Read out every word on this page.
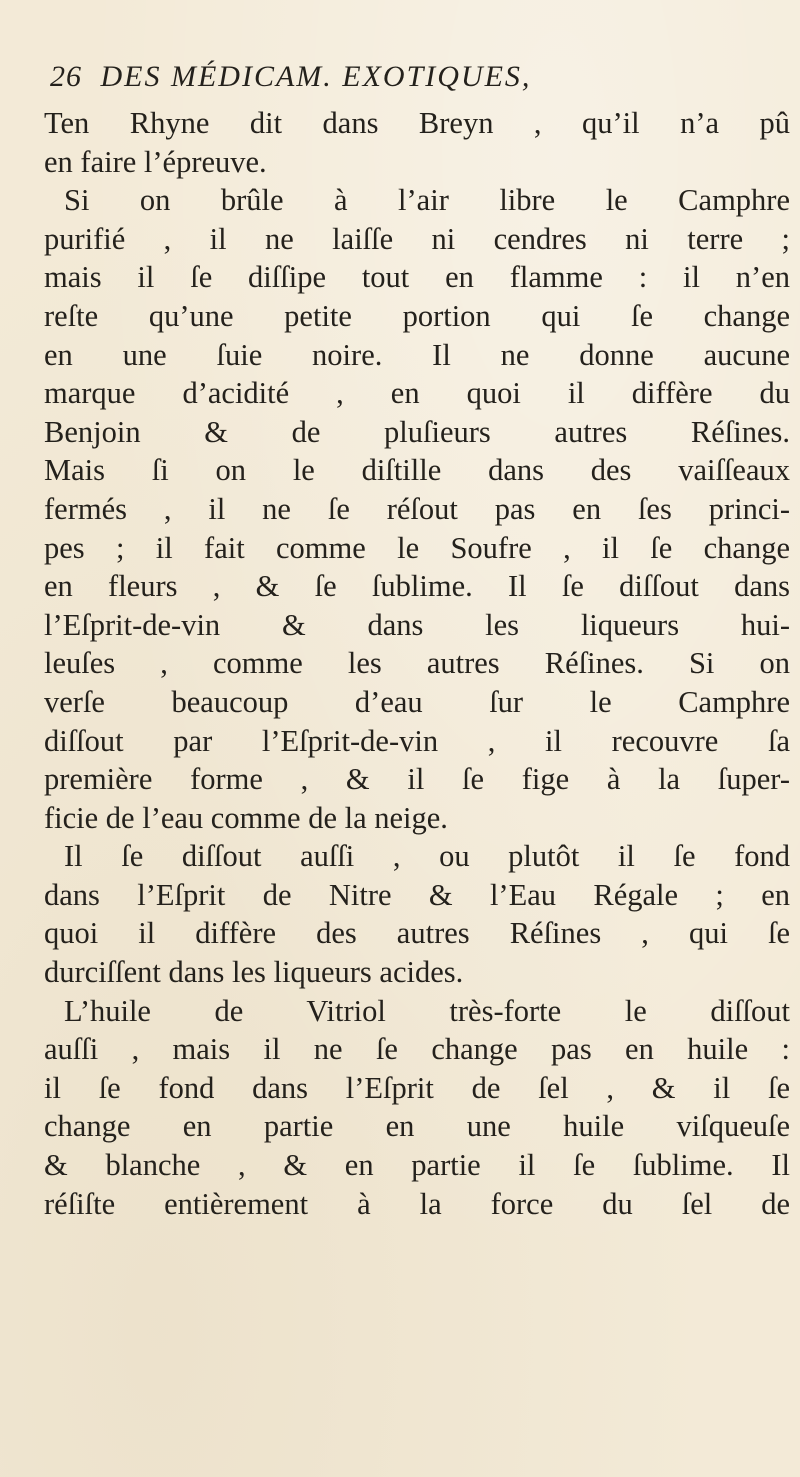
26 DES MÉDICAM. EXOTIQUES,
Ten Rhyne dit dans Breyn , qu’il n’a pû
en faire l’épreuve.
Si on brûle à l’air libre le Camphre
purifié , il ne laiſſe ni cendres ni terre ;
mais il ſe diſſipe tout en flamme : il n’en
reſte qu’une petite portion qui ſe change
en une ſuie noire. Il ne donne aucune
marque d’acidité , en quoi il diffère du
Benjoin & de pluſieurs autres Réſines.
Mais ſi on le diſtille dans des vaiſſeaux
fermés , il ne ſe réſout pas en ſes princi-
pes ; il fait comme le Soufre , il ſe change
en fleurs , & ſe ſublime. Il ſe diſſout dans
l’Eſprit-de-vin & dans les liqueurs hui-
leuſes , comme les autres Réſines. Si on
verſe beaucoup d’eau ſur le Camphre
diſſout par l’Eſprit-de-vin , il recouvre ſa
première forme , & il ſe fige à la ſuper-
ficie de l’eau comme de la neige.
Il ſe diſſout auſſi , ou plutôt il ſe fond
dans l’Eſprit de Nitre & l’Eau Régale ; en
quoi il diffère des autres Réſines , qui ſe
durciſſent dans les liqueurs acides.
L’huile de Vitriol très-forte le diſſout
auſſi , mais il ne ſe change pas en huile :
il ſe fond dans l’Eſprit de ſel , & il ſe
change en partie en une huile viſqueuſe
& blanche , & en partie il ſe ſublime. Il
réſiſte entièrement à la force du ſel de
